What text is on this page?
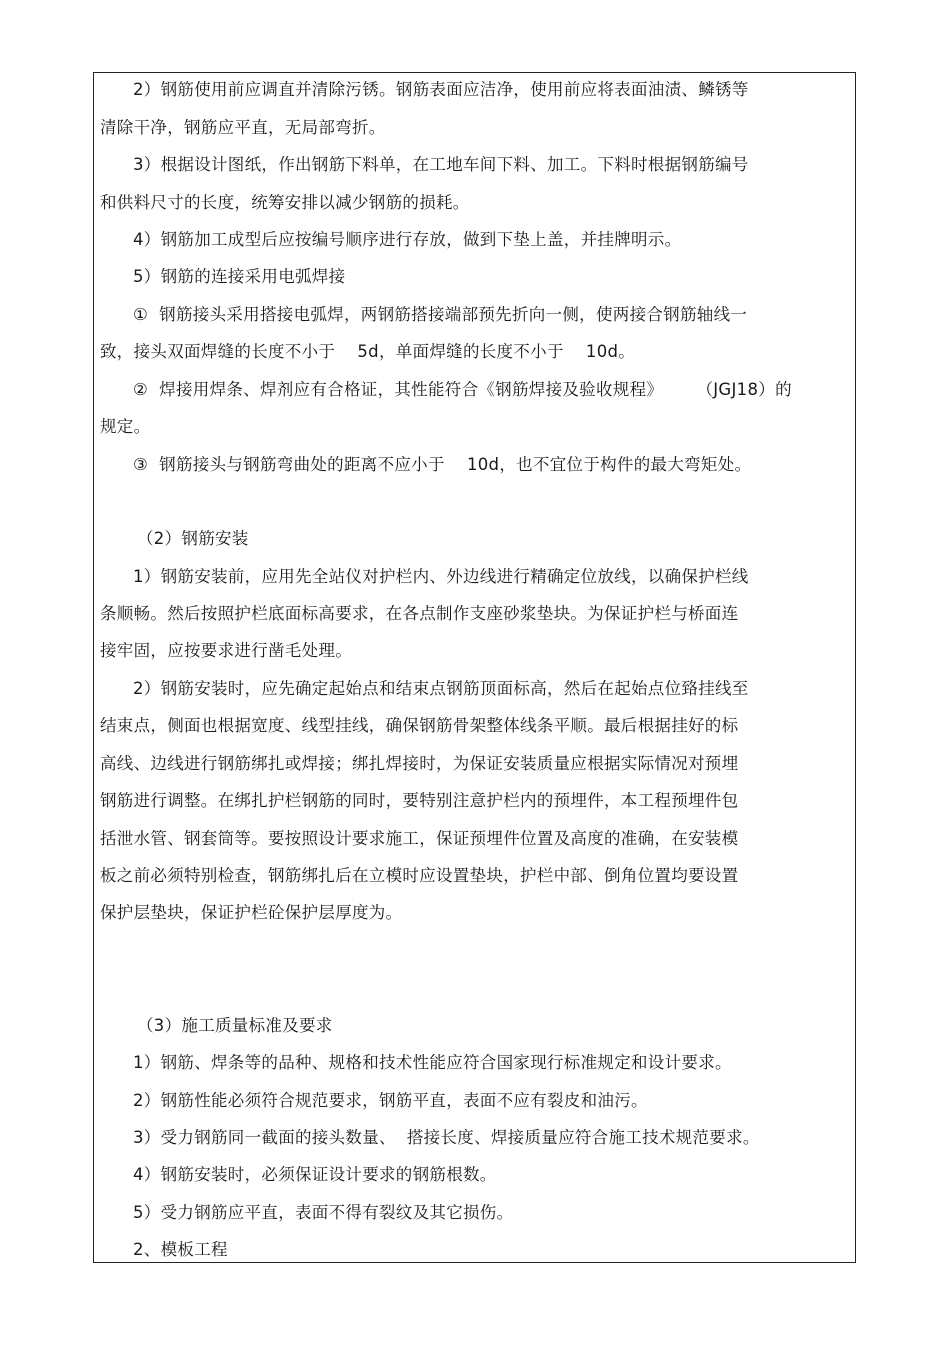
2）钢筋使用前应调直并清除污锈。钢筋表面应洁净，使用前应将表面油渍、鳞锈等
清除干净，钢筋应平直，无局部弯折。
3）根据设计图纸，作出钢筋下料单，在工地车间下料、加工。下料时根据钢筋编号
和供料尺寸的长度，统筹安排以减少钢筋的损耗。
4）钢筋加工成型后应按编号顺序进行存放，做到下垫上盖，并挂牌明示。
5）钢筋的连接采用电弧焊接
①  钢筋接头采用搭接电弧焊，两钢筋搭接端部预先折向一侧，使两接合钢筋轴线一
致，接头双面焊缝的长度不小于    5d，单面焊缝的长度不小于    10d。
②  焊接用焊条、焊剂应有合格证，其性能符合《钢筋焊接及验收规程》      （JGJ18）的
规定。
③  钢筋接头与钢筋弯曲处的距离不应小于    10d，也不宜位于构件的最大弯矩处。
（2）钢筋安装
1）钢筋安装前，应用先全站仪对护栏内、外边线进行精确定位放线，以确保护栏线
条顺畅。然后按照护栏底面标高要求，在各点制作支座砂浆垫块。为保证护栏与桥面连
接牢固，应按要求进行凿毛处理。
2）钢筋安装时，应先确定起始点和结束点钢筋顶面标高，然后在起始点位臵挂线至
结束点，侧面也根据宽度、线型挂线，确保钢筋骨架整体线条平顺。最后根据挂好的标
高线、边线进行钢筋绑扎或焊接；绑扎焊接时，为保证安装质量应根据实际情况对预埋
钢筋进行调整。在绑扎护栏钢筋的同时，要特别注意护栏内的预埋件，本工程预埋件包
括泄水管、钢套筒等。要按照设计要求施工，保证预埋件位置及高度的准确，在安装模
板之前必须特别检查，钢筋绑扎后在立模时应设置垫块，护栏中部、倒角位置均要设置
保护层垫块，保证护栏砼保护层厚度为。
（3）施工质量标准及要求
1）钢筋、焊条等的品种、规格和技术性能应符合国家现行标准规定和设计要求。
2）钢筋性能必须符合规范要求，钢筋平直，表面不应有裂皮和油污。
3）受力钢筋同一截面的接头数量、  搭接长度、焊接质量应符合施工技术规范要求。
4）钢筋安装时，必须保证设计要求的钢筋根数。
5）受力钢筋应平直，表面不得有裂纹及其它损伤。
2、模板工程
